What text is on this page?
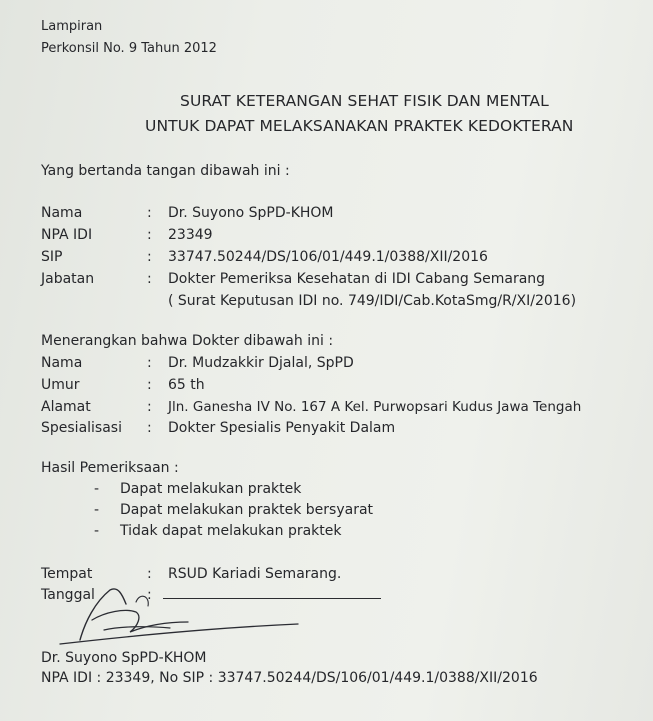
Lampiran
Perkonsil No. 9 Tahun 2012
SURAT KETERANGAN SEHAT FISIK DAN MENTAL
UNTUK DAPAT MELAKSANAKAN PRAKTEK KEDOKTERAN
Yang bertanda tangan dibawah ini :
Nama	: Dr. Suyono SpPD-KHOM
NPA IDI	: 23349
SIP	: 33747.50244/DS/106/01/449.1/0388/XII/2016
Jabatan	: Dokter Pemeriksa Kesehatan di IDI Cabang Semarang
( Surat Keputusan IDI no. 749/IDI/Cab.KotaSmg/R/XI/2016)
Menerangkan bahwa Dokter dibawah ini :
Nama	: Dr. Mudzakkir Djalal, SpPD
Umur	: 65 th
Alamat	: Jln. Ganesha IV No. 167 A Kel. Purwopsari Kudus Jawa Tengah
Spesialisasi : Dokter Spesialis Penyakit Dalam
Hasil Pemeriksaan :
- Dapat melakukan praktek
- Dapat melakukan praktek bersyarat
- Tidak dapat melakukan praktek
Tempat	: RSUD Kariadi Semarang.
Tanggal	:
Dr. Suyono SpPD-KHOM
NPA IDI : 23349, No SIP : 33747.50244/DS/106/01/449.1/0388/XII/2016
